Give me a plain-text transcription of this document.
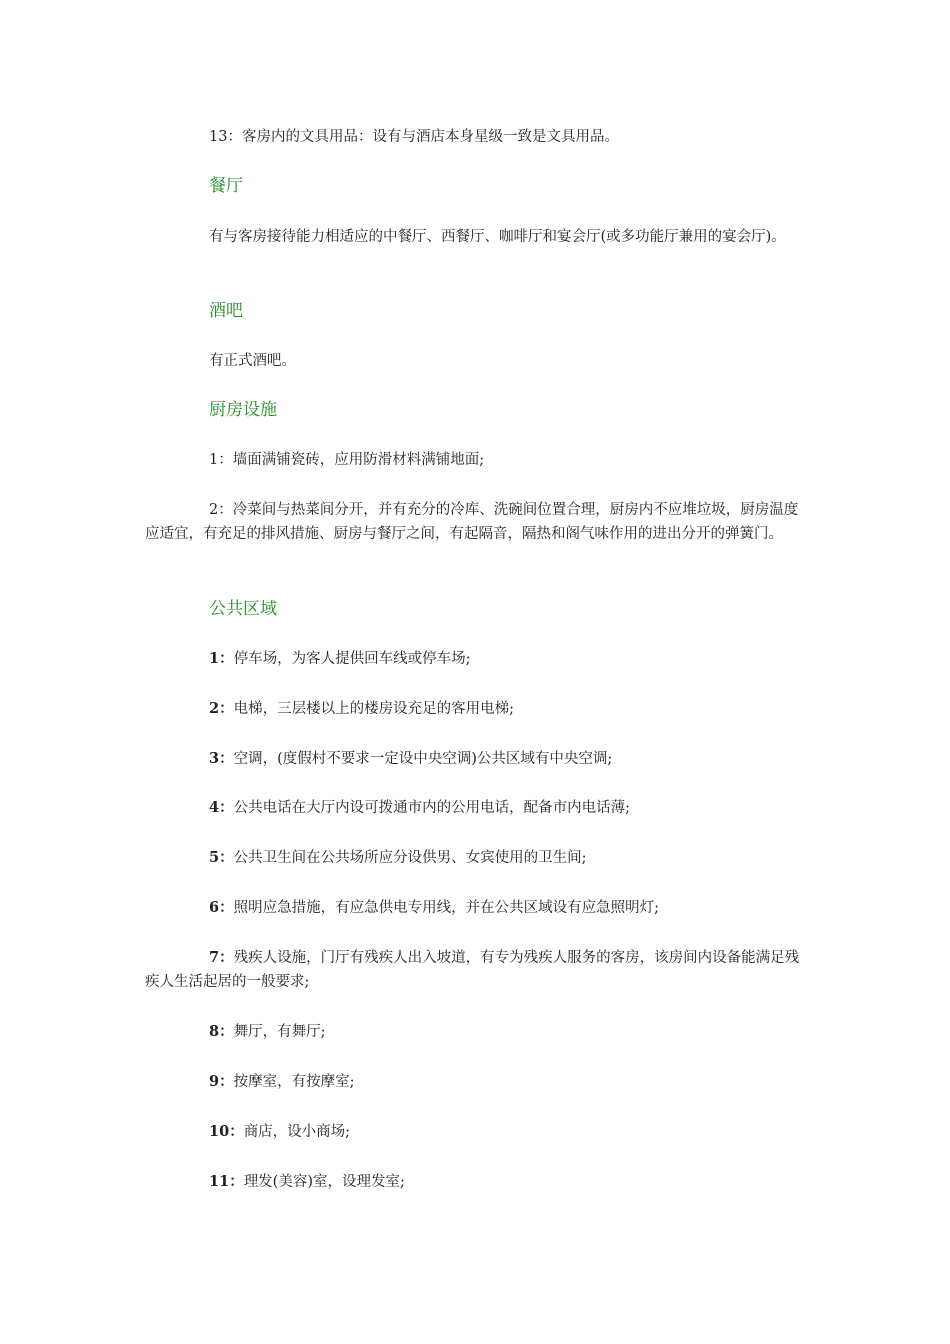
13：客房内的文具用品：设有与酒店本身星级一致是文具用品。
餐厅
有与客房接待能力相适应的中餐厅、西餐厅、咖啡厅和宴会厅(或多功能厅兼用的宴会厅)。
酒吧
有正式酒吧。
厨房设施
1：墙面满铺瓷砖，应用防滑材料满铺地面;
2：冷菜间与热菜间分开，并有充分的冷库、洗碗间位置合理，厨房内不应堆垃圾，厨房温度应适宜，有充足的排风措施、厨房与餐厅之间，有起隔音，隔热和阁气味作用的进出分开的弹簧门。
公共区域
1：停车场，为客人提供回车线或停车场;
2：电梯，三层楼以上的楼房设充足的客用电梯;
3：空调，(度假村不要求一定设中央空调)公共区域有中央空调;
4：公共电话在大厅内设可拨通市内的公用电话，配备市内电话薄;
5：公共卫生间在公共场所应分设供男、女宾使用的卫生间;
6：照明应急措施，有应急供电专用线，并在公共区域设有应急照明灯;
7：残疾人设施，门厅有残疾人出入坡道，有专为残疾人服务的客房，该房间内设备能满足残疾人生活起居的一般要求;
8：舞厅，有舞厅;
9：按摩室，有按摩室;
10：商店，设小商场;
11：理发(美容)室，设理发室;
